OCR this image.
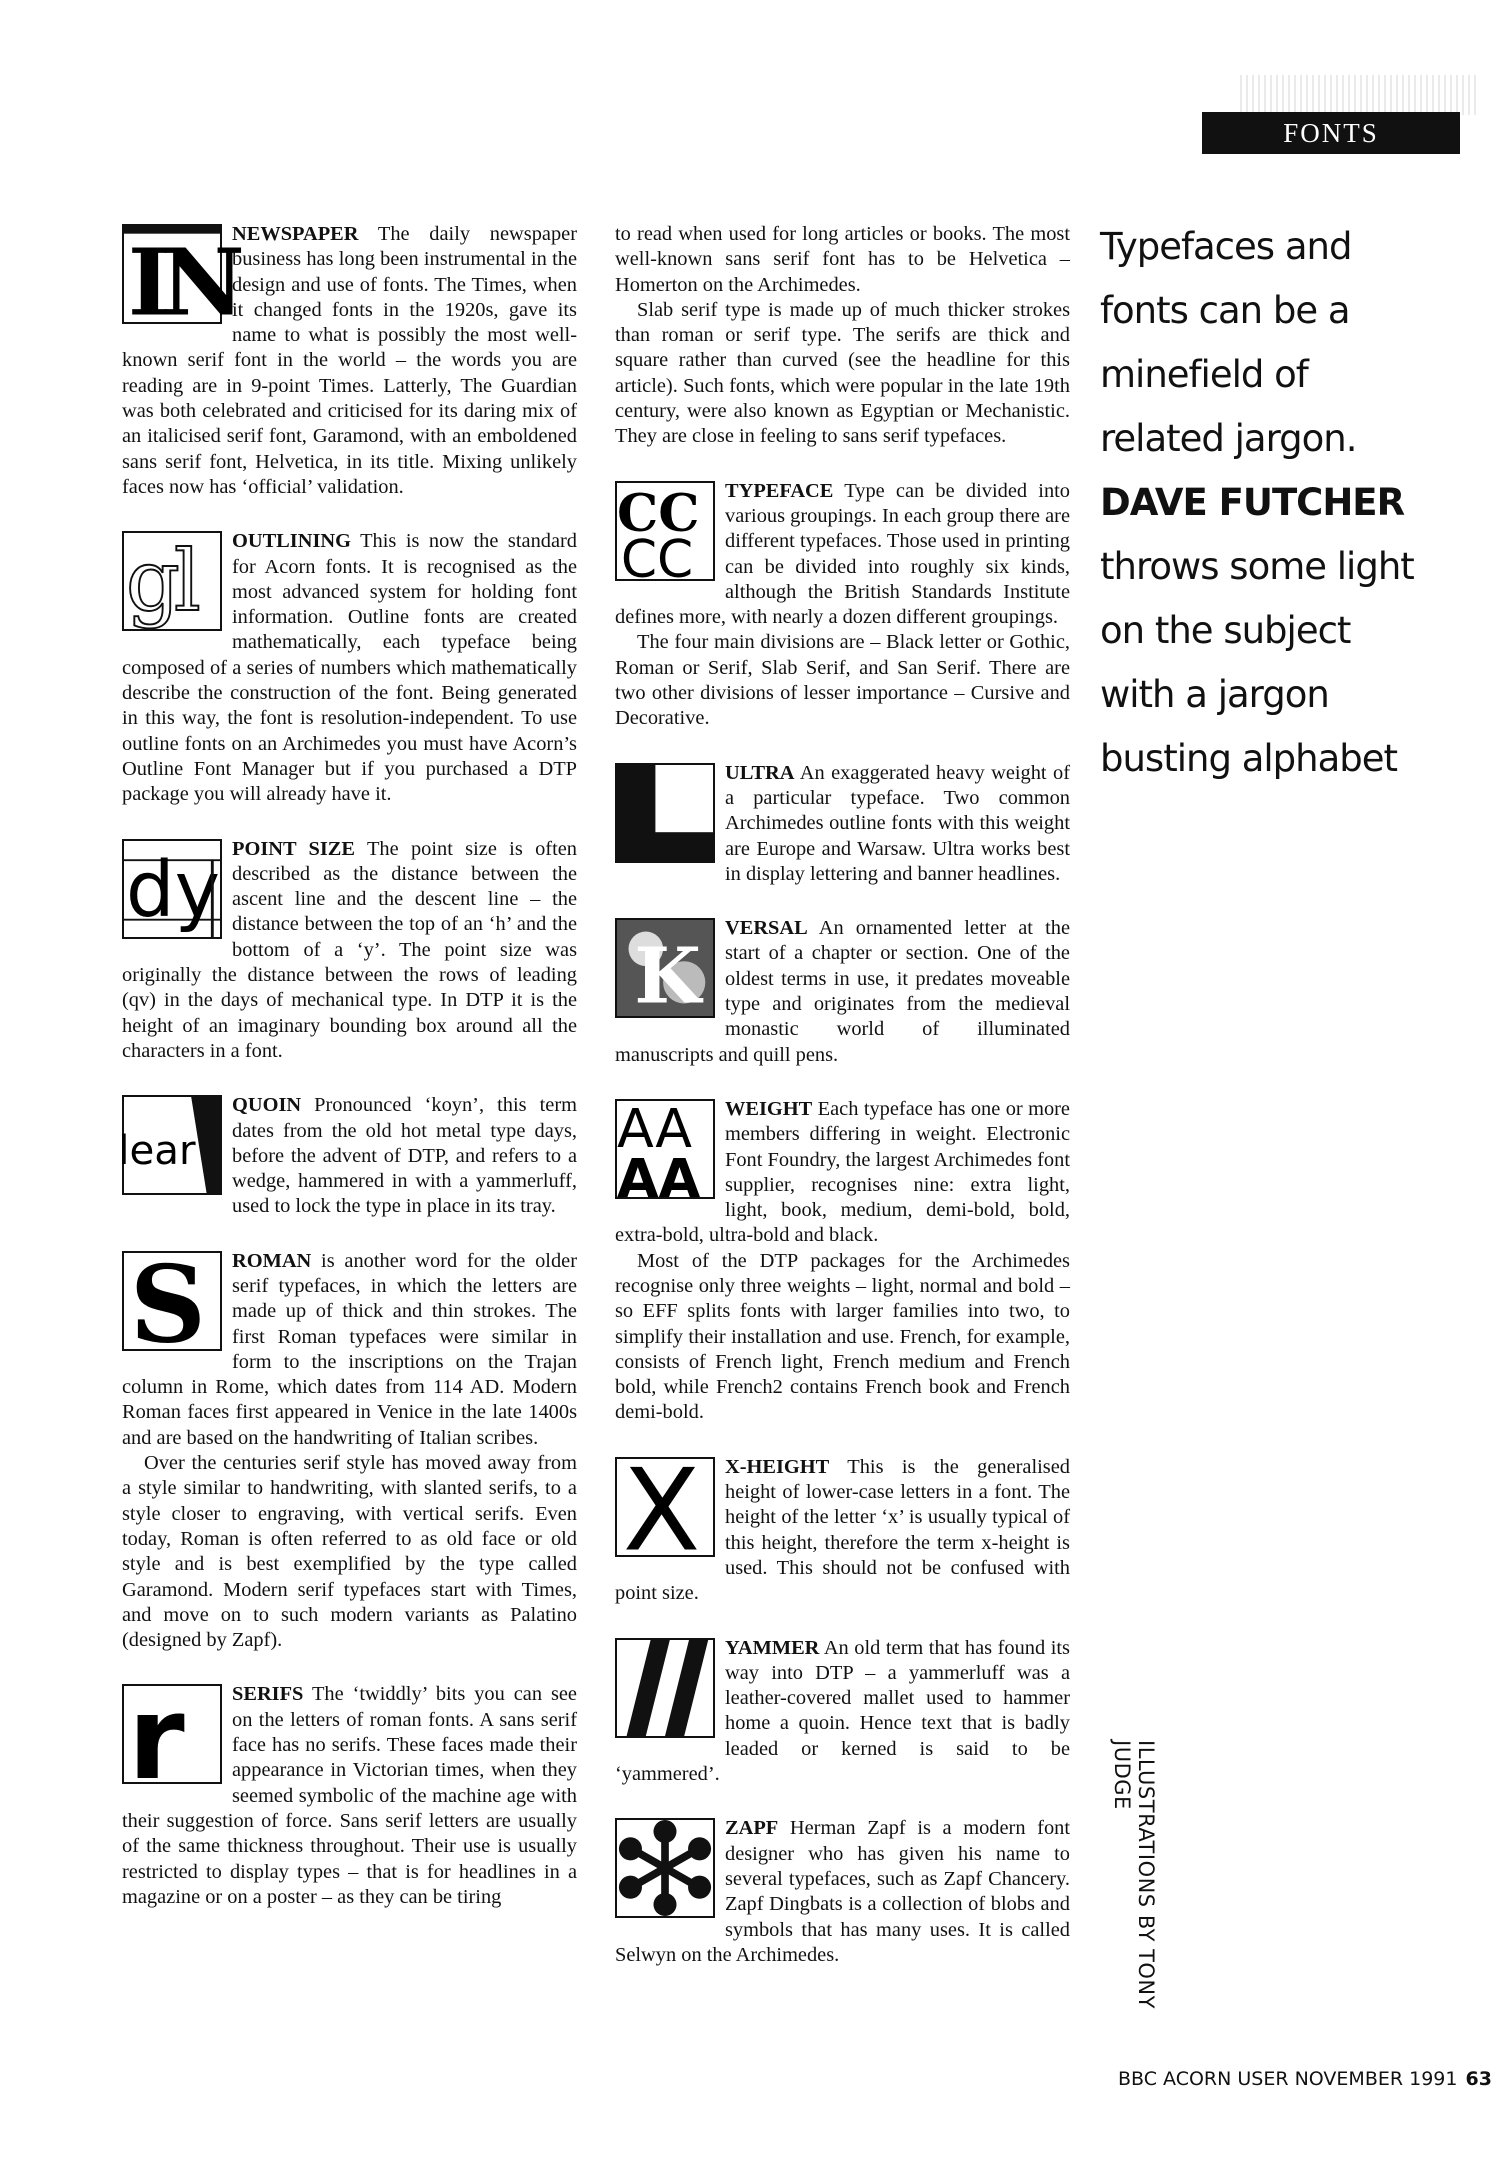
FONTS
I
N

NEWSPAPER The daily newspaper business has long been instrumental in the design and use of fonts. The Times, when it changed fonts in the 1920s, gave its name to what is possibly the most well-known serif font in the world – the words you are reading are in 9-point Times. Latterly, The Guardian was both celebrated and criticised for its daring mix of an italicised serif font, Garamond, with an emboldened sans serif font, Helvetica, in its title. Mixing unlikely faces now has ‘official’ validation.

g
l	OUTLINING This is now the standard for Acorn fonts. It is recognised as the most advanced system for holding font information. Outline fonts are created mathematically, each typeface being composed of a series of numbers which mathematically describe the construction of the font. Being generated in this way, the font is resolution-independent. To use outline fonts on an Archimedes you must have Acorn’s Outline Font Manager but if you purchased a DTP package you will already have it.

dy POINT SIZE The point size is often described as the distance between the ascent line and the descent line – the distance between the top of an ‘h’ and the bottom of a ‘y’. The point size was originally the distance between the rows of leading (qv) in the days of mechanical type. In DTP it is the height of an imaginary bounding box around all the characters in a font.

lear

QUOIN Pronounced ‘koyn’, this term dates from the old hot metal type days, before the advent of DTP, and refers to a wedge, hammered in with a yammerluff, used to lock the type in place in its tray.

S	ROMAN is another word for the older serif typefaces, in which the letters are made up of thick and thin strokes. The first Roman typefaces were similar in form to the inscriptions on the Trajan column in Rome, which dates from 114 AD. Modern Roman faces first appeared in Venice in the late 1400s and are based on the handwriting of Italian scribes.

Over the centuries serif style has moved away from a style similar to handwriting, with slanted serifs, to a style closer to engraving, with vertical serifs. Even today, Roman is often referred to as old face or old style and is best exemplified by the type called Garamond. Modern serif typefaces start with Times, and move on to such modern variants as Palatino (designed by Zapf).

r	SERIFS The ‘twiddly’ bits you can see on the letters of roman fonts. A sans serif face has no serifs. These faces made their appearance in Victorian times, when they seemed symbolic of the machine age with their suggestion of force. Sans serif letters are usually of the same thickness throughout. Their use is usually restricted to display types – that is for headlines in a magazine or on a poster – as they can be tiring

to read when used for long articles or books. The most well-known sans serif font has to be Helvetica – Homerton on the Archimedes.

Slab serif type is made up of much thicker strokes than roman or serif type. The serifs are thick and square rather than curved (see the headline for this article). Such fonts, which were popular in the late 19th century, were also known as Egyptian or Mechanistic. They are close in feeling to sans serif typefaces.

CC
CC

TYPEFACE Type can be divided into various groupings. In each group there are different typefaces. Those used in printing can be divided into roughly six kinds, although the British Standards Institute defines more, with nearly a dozen different groupings.

The four main divisions are – Black letter or Gothic, Roman or Serif, Slab Serif, and San Serif. There are two other divisions of lesser importance – Cursive and Decorative.

ULTRA An exaggerated heavy weight of a particular typeface. Two common Archimedes outline fonts with this weight are Europe and Warsaw. Ultra works best in display lettering and banner headlines.

K

VERSAL An ornamented letter at the start of a chapter or section. One of the oldest terms in use, it predates moveable type and originates from the medieval monastic world of illuminated manuscripts and quill pens.

AA
AA

WEIGHT Each typeface has one or more members differing in weight. Electronic Font Foundry, the largest Archimedes font supplier, recognises nine: extra light, light, book, medium, demi-bold, bold, extra-bold, ultra-bold and black.

Most of the DTP packages for the Archimedes recognise only three weights – light, normal and bold – so EFF splits fonts with larger families into two, to simplify their installation and use. French, for example, consists of French light, French medium and French bold, while French2 contains French book and French demi-bold.

X	X-HEIGHT This is the generalised height of lower-case letters in a font. The height of the letter ‘x’ is usually typical of this height, therefore the term x-height is used. This should not be confused with point size.

YAMMER An old term that has found its way into DTP – a yammerluff was a leather-covered mallet used to hammer home a quoin. Hence text that is badly leaded or kerned is said to be ‘yammered’.

ZAPF Herman Zapf is a modern font designer who has given his name to several typefaces, such as Zapf Chancery. Zapf Dingbats is a collection of blobs and symbols that has many uses. It is called Selwyn on the Archimedes.

Typefaces and
fonts can be a
minefield of
related jargon.
DAVE FUTCHER
throws some light
on the subject
with a jargon
busting alphabet
ILLUSTRATIONS BY TONY JUDGE
BBC ACORN USER NOVEMBER 1991 63
